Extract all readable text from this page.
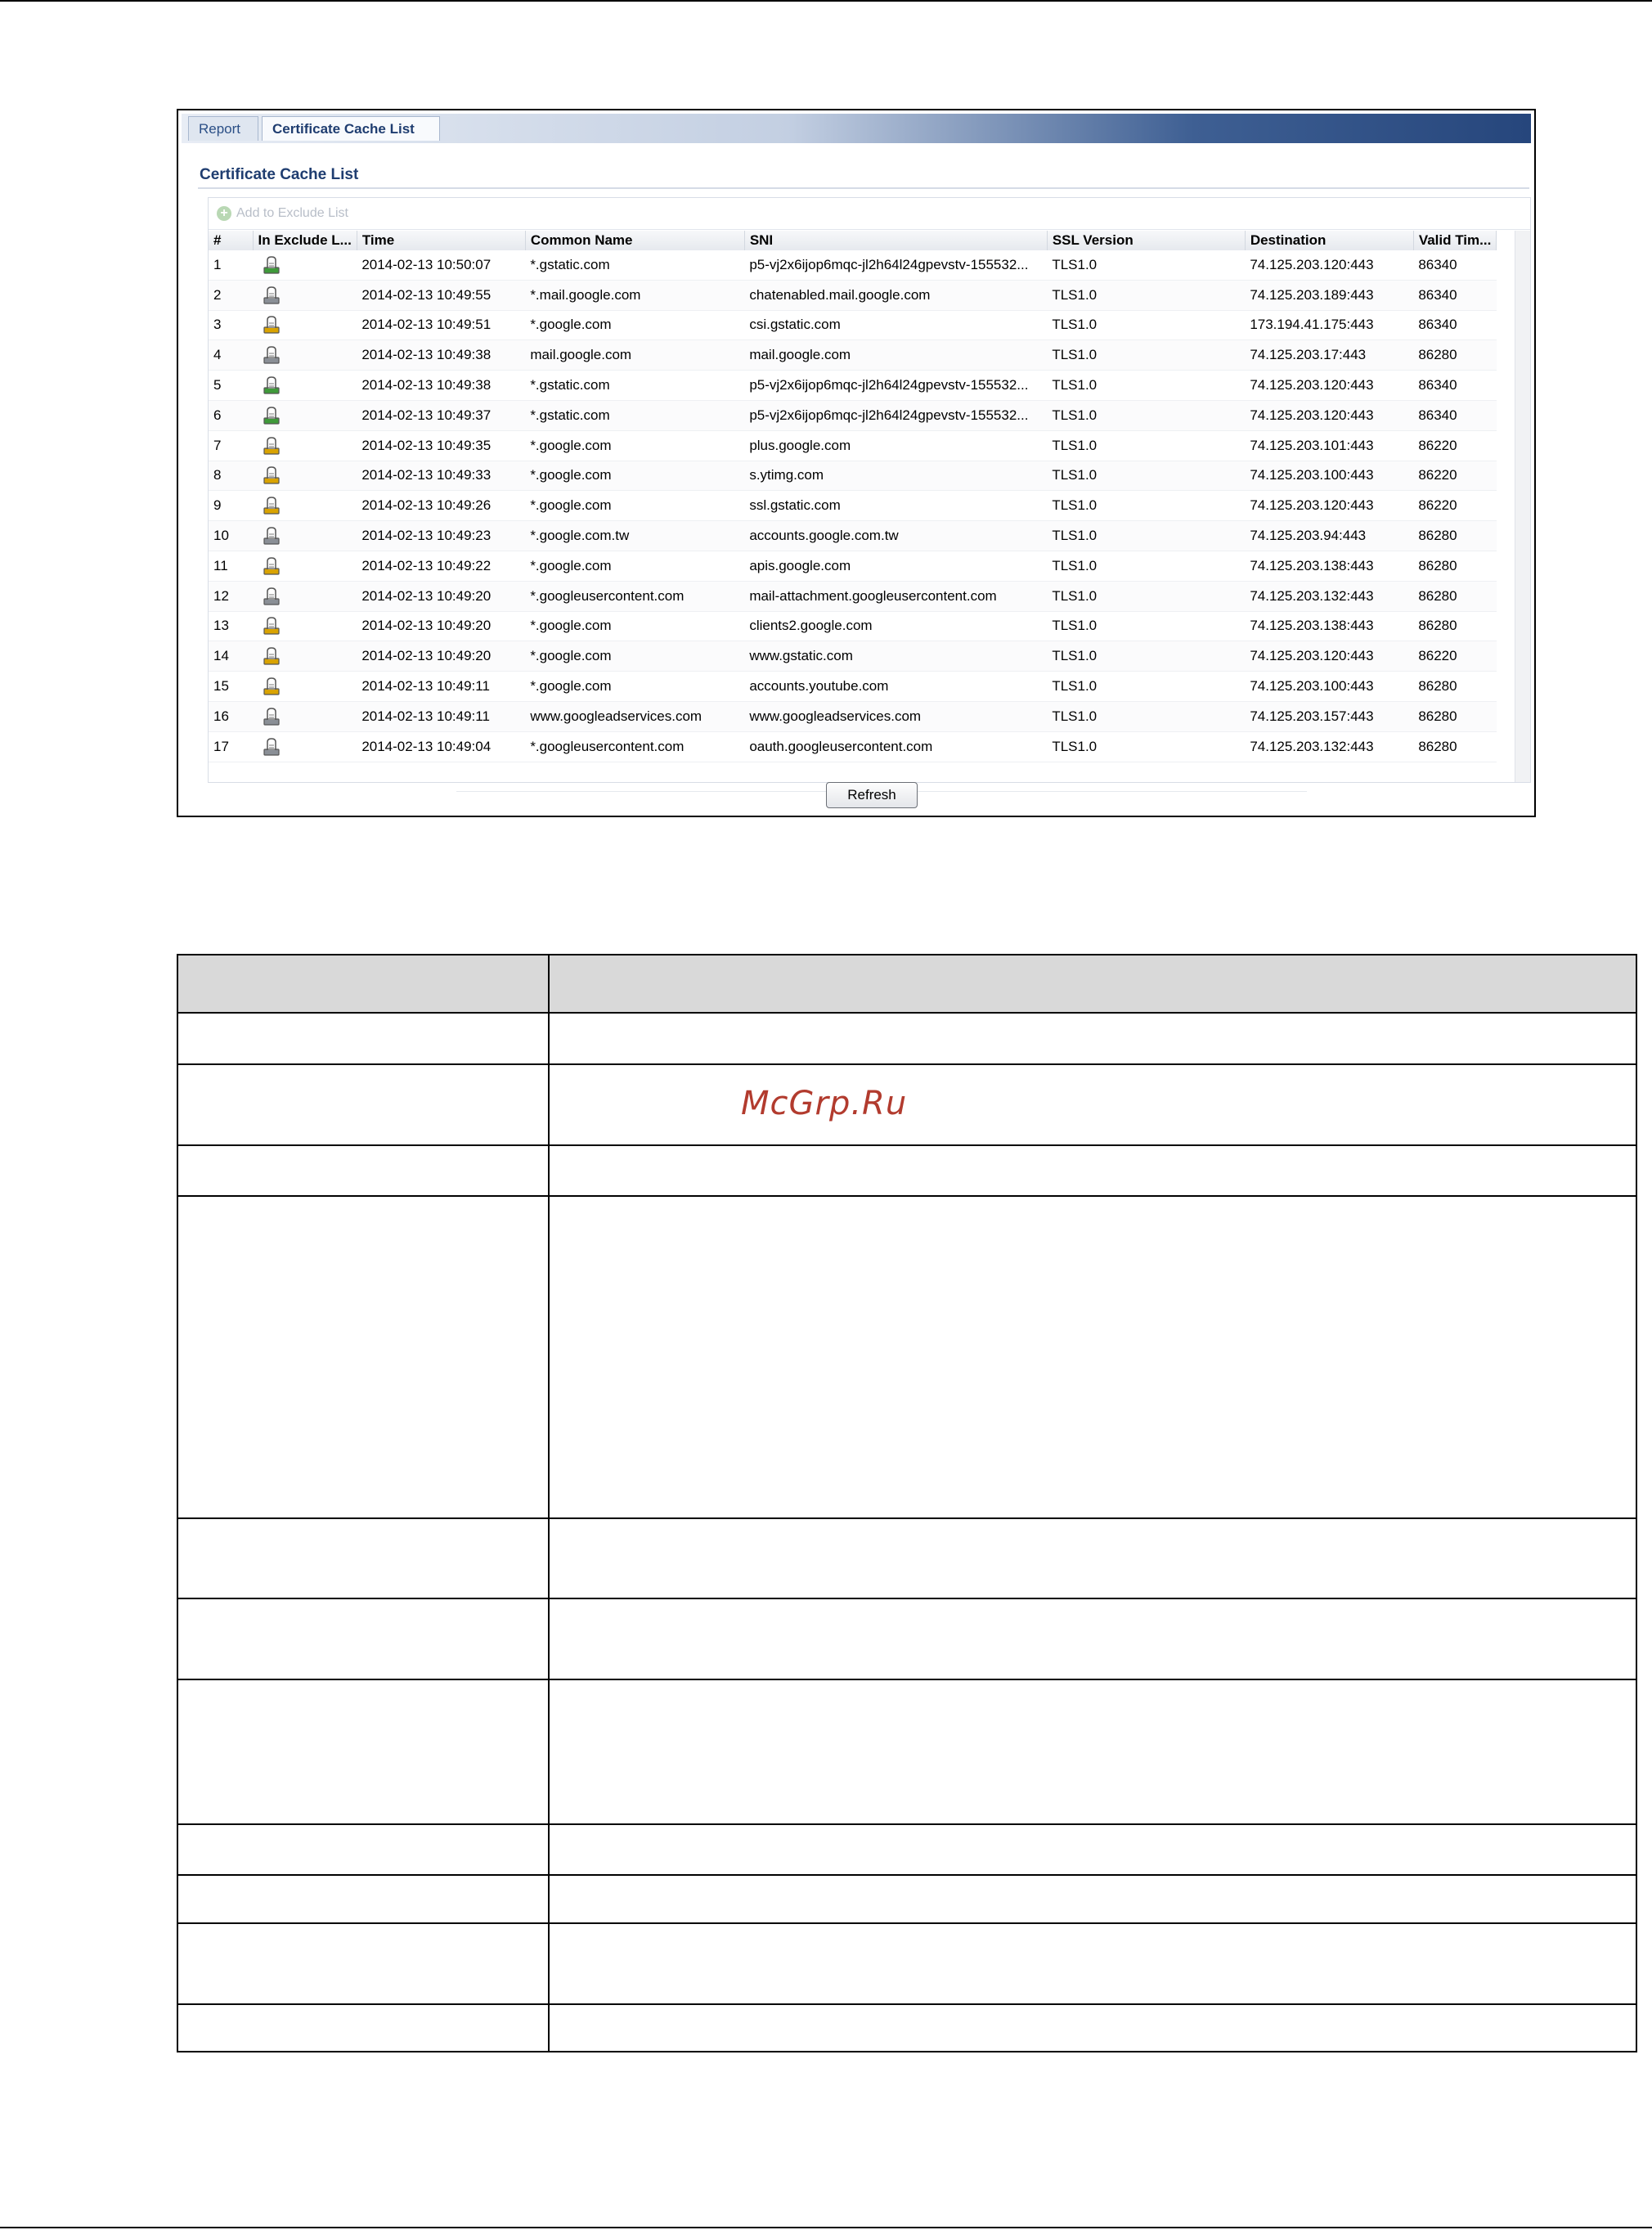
Report	Certificate Cache List
Certificate Cache List
+ Add to Exclude List
#	In Exclude L...	Time	Common Name	SNI	SSL Version	Destination	Valid Tim...
1		2014-02-13 10:50:07	*.gstatic.com	p5-vj2x6ijop6mqc-jl2h64l24gpevstv-155532...	TLS1.0	74.125.203.120:443	86340
2		2014-02-13 10:49:55	*.mail.google.com	chatenabled.mail.google.com	TLS1.0	74.125.203.189:443	86340
3		2014-02-13 10:49:51	*.google.com	csi.gstatic.com	TLS1.0	173.194.41.175:443	86340
4		2014-02-13 10:49:38	mail.google.com	mail.google.com	TLS1.0	74.125.203.17:443	86280
5		2014-02-13 10:49:38	*.gstatic.com	p5-vj2x6ijop6mqc-jl2h64l24gpevstv-155532...	TLS1.0	74.125.203.120:443	86340
6		2014-02-13 10:49:37	*.gstatic.com	p5-vj2x6ijop6mqc-jl2h64l24gpevstv-155532...	TLS1.0	74.125.203.120:443	86340
7		2014-02-13 10:49:35	*.google.com	plus.google.com	TLS1.0	74.125.203.101:443	86220
8		2014-02-13 10:49:33	*.google.com	s.ytimg.com	TLS1.0	74.125.203.100:443	86220
9		2014-02-13 10:49:26	*.google.com	ssl.gstatic.com	TLS1.0	74.125.203.120:443	86220
10		2014-02-13 10:49:23	*.google.com.tw	accounts.google.com.tw	TLS1.0	74.125.203.94:443	86280
11		2014-02-13 10:49:22	*.google.com	apis.google.com	TLS1.0	74.125.203.138:443	86280
12		2014-02-13 10:49:20	*.googleusercontent.com	mail-attachment.googleusercontent.com	TLS1.0	74.125.203.132:443	86280
13		2014-02-13 10:49:20	*.google.com	clients2.google.com	TLS1.0	74.125.203.138:443	86280
14		2014-02-13 10:49:20	*.google.com	www.gstatic.com	TLS1.0	74.125.203.120:443	86220
15		2014-02-13 10:49:11	*.google.com	accounts.youtube.com	TLS1.0	74.125.203.100:443	86280
16		2014-02-13 10:49:11	www.googleadservices.com	www.googleadservices.com	TLS1.0	74.125.203.157:443	86280
17		2014-02-13 10:49:04	*.googleusercontent.com	oauth.googleusercontent.com	TLS1.0	74.125.203.132:443	86280
Refresh

McGrp.Ru
